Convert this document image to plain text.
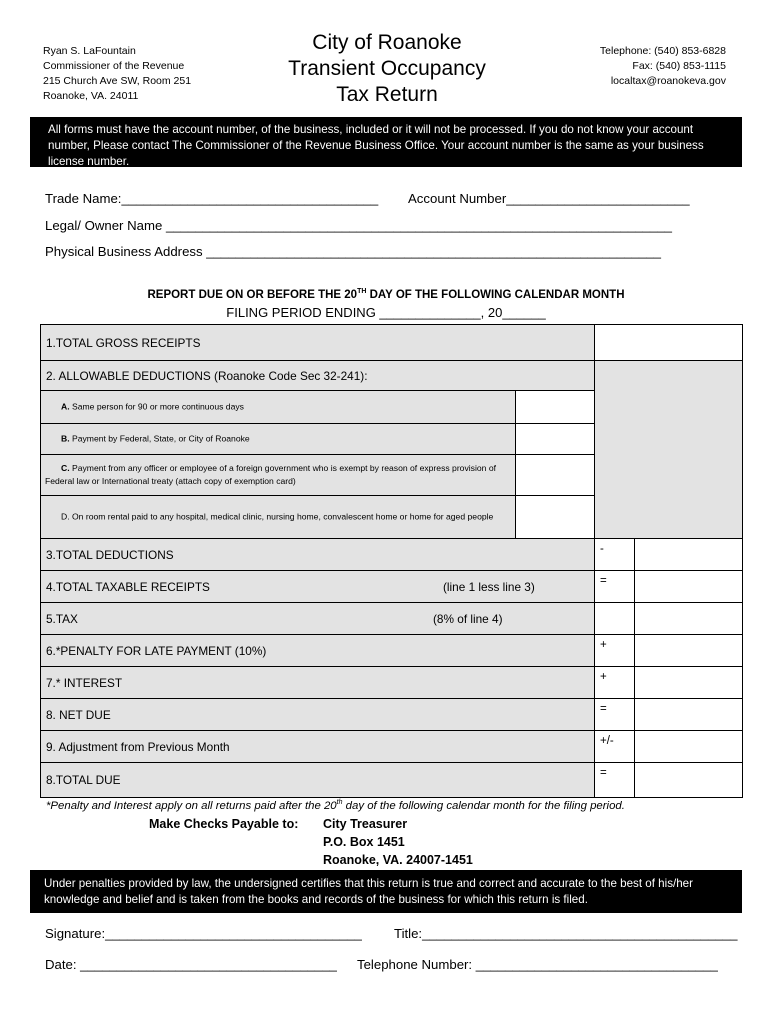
Ryan S. LaFountain
Commissioner of the Revenue
215 Church Ave SW, Room 251
Roanoke, VA. 24011
City of Roanoke
Transient Occupancy
Tax Return
Telephone: (540) 853-6828
Fax: (540) 853-1115
localtax@roanokeva.gov
All forms must have the account number, of the business, included or it will not be processed. If you do not know your account number, Please contact The Commissioner of the Revenue Business Office. Your account number is the same as your business license number.
Trade Name:___________________________________ Account Number_________________________
Legal/ Owner Name _____________________________________________________________________
Physical Business Address ______________________________________________________________
REPORT DUE ON OR BEFORE THE 20TH DAY OF THE FOLLOWING CALENDAR MONTH
FILING PERIOD ENDING ______________, 20______
1.TOTAL GROSS RECEIPTS
2. ALLOWABLE DEDUCTIONS (Roanoke Code Sec 32-241):
A. Same person for 90 or more continuous days
B. Payment by Federal, State, or City of Roanoke
C. Payment from any officer or employee of a foreign government who is exempt by reason of express provision of Federal law or International treaty (attach copy of exemption card)
D. On room rental paid to any hospital, medical clinic, nursing home, convalescent home or home for aged people
3.TOTAL DEDUCTIONS	-
4.TOTAL TAXABLE RECEIPTS	(line 1 less line 3)	=
5.TAX	(8% of line 4)
6.*PENALTY FOR LATE PAYMENT (10%)	+
7.* INTEREST	+
8. NET DUE	=
9. Adjustment from Previous Month	+/-
8.TOTAL DUE	=
*Penalty and Interest apply on all returns paid after the 20th day of the following calendar month for the filing period.
Make Checks Payable to: City Treasurer
P.O. Box 1451
Roanoke, VA. 24007-1451
Under penalties provided by law, the undersigned certifies that this return is true and correct and accurate to the best of his/her knowledge and belief and is taken from the books and records of the business for which this return is filed.
Signature:___________________________________ Title:___________________________________________
Date: ___________________________________ Telephone Number: _________________________________
